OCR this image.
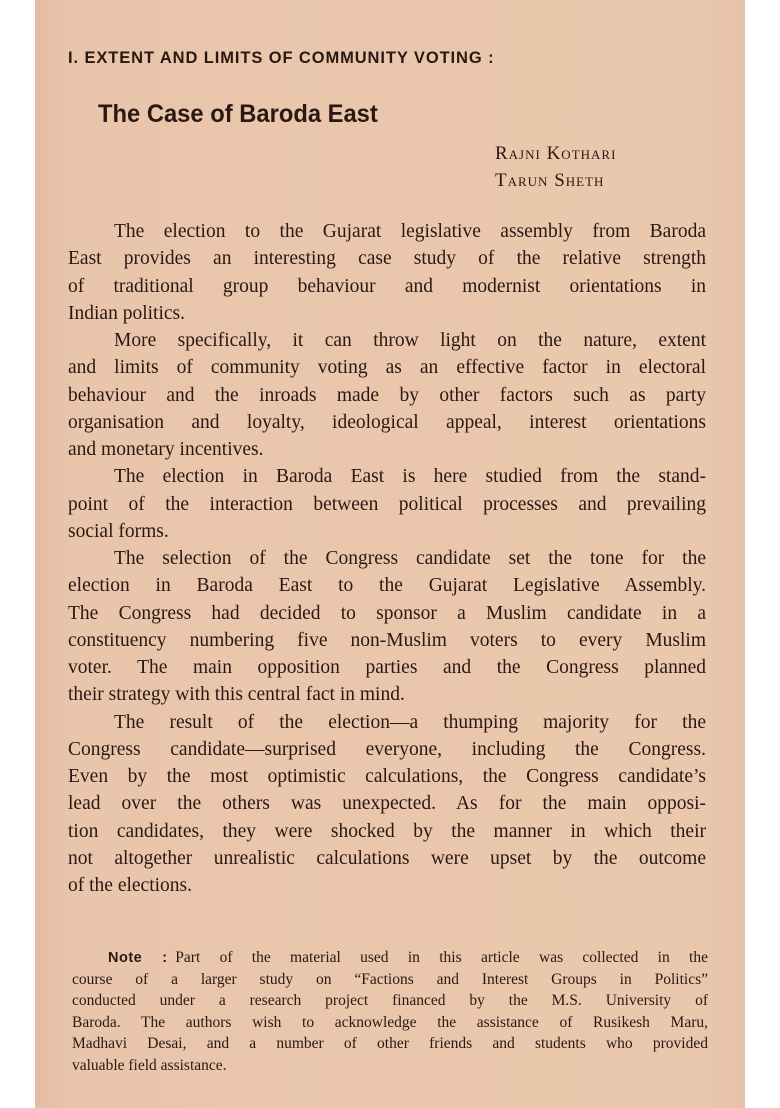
I. EXTENT AND LIMITS OF COMMUNITY VOTING :
The Case of Baroda East
Rajni Kothari
Tarun Sheth
The election to the Gujarat legislative assembly from Baroda
East provides an interesting case study of the relative strength
of traditional group behaviour and modernist orientations in
Indian politics.
More specifically, it can throw light on the nature, extent
and limits of community voting as an effective factor in electoral
behaviour and the inroads made by other factors such as party
organisation and loyalty, ideological appeal, interest orientations
and monetary incentives.
The election in Baroda East is here studied from the stand-
point of the interaction between political processes and prevailing
social forms.
The selection of the Congress candidate set the tone for the
election in Baroda East to the Gujarat Legislative Assembly.
The Congress had decided to sponsor a Muslim candidate in a
constituency numbering five non-Muslim voters to every Muslim
voter. The main opposition parties and the Congress planned
their strategy with this central fact in mind.
The result of the election—a thumping majority for the
Congress candidate—surprised everyone, including the Congress.
Even by the most optimistic calculations, the Congress candidate’s
lead over the others was unexpected. As for the main opposi-
tion candidates, they were shocked by the manner in which their
not altogether unrealistic calculations were upset by the outcome
of the elections.
Note :  Part of the material used in this article was collected in the
course of a larger study on “Factions and Interest Groups in Politics”
conducted under a research project financed by the M.S. University of
Baroda. The authors wish to acknowledge the assistance of Rusikesh Maru,
Madhavi Desai, and a number of other friends and students who provided
valuable field assistance.
